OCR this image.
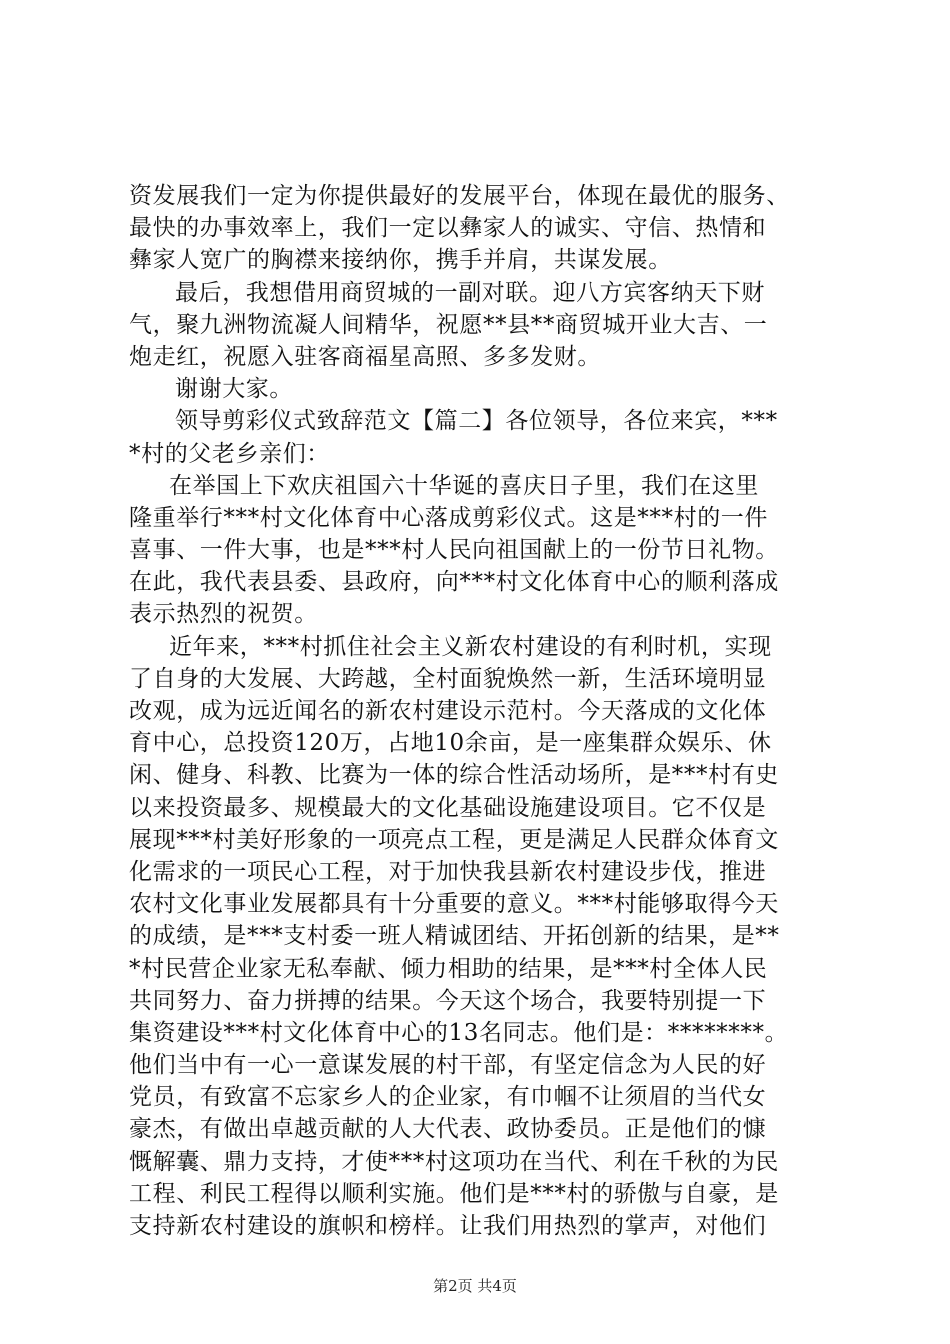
资发展我们一定为你提供最好的发展平台，体现在最优的服务、
最快的办事效率上，我们一定以彝家人的诚实、守信、热情和
彝家人宽广的胸襟来接纳你，携手并肩，共谋发展。
最后，我想借用商贸城的一副对联。迎八方宾客纳天下财
气，聚九洲物流凝人间精华，祝愿**县**商贸城开业大吉、一
炮走红，祝愿入驻客商福星高照、多多发财。
谢谢大家。
领导剪彩仪式致辞范文【篇二】各位领导，各位来宾，***
*村的父老乡亲们：
在举国上下欢庆祖国六十华诞的喜庆日子里，我们在这里
隆重举行***村文化体育中心落成剪彩仪式。这是***村的一件
喜事、一件大事，也是***村人民向祖国献上的一份节日礼物。
在此，我代表县委、县政府，向***村文化体育中心的顺利落成
表示热烈的祝贺。
近年来，***村抓住社会主义新农村建设的有利时机，实现
了自身的大发展、大跨越，全村面貌焕然一新，生活环境明显
改观，成为远近闻名的新农村建设示范村。今天落成的文化体
育中心，总投资120万，占地10余亩，是一座集群众娱乐、休
闲、健身、科教、比赛为一体的综合性活动场所，是***村有史
以来投资最多、规模最大的文化基础设施建设项目。它不仅是
展现***村美好形象的一项亮点工程，更是满足人民群众体育文
化需求的一项民心工程，对于加快我县新农村建设步伐，推进
农村文化事业发展都具有十分重要的意义。***村能够取得今天
的成绩，是***支村委一班人精诚团结、开拓创新的结果，是**
*村民营企业家无私奉献、倾力相助的结果，是***村全体人民
共同努力、奋力拼搏的结果。今天这个场合，我要特别提一下
集资建设***村文化体育中心的13名同志。他们是：********。
他们当中有一心一意谋发展的村干部，有坚定信念为人民的好
党员，有致富不忘家乡人的企业家，有巾帼不让须眉的当代女
豪杰，有做出卓越贡献的人大代表、政协委员。正是他们的慷
慨解囊、鼎力支持，才使***村这项功在当代、利在千秋的为民
工程、利民工程得以顺利实施。他们是***村的骄傲与自豪，是
支持新农村建设的旗帜和榜样。让我们用热烈的掌声，对他们
第2页 共4页
